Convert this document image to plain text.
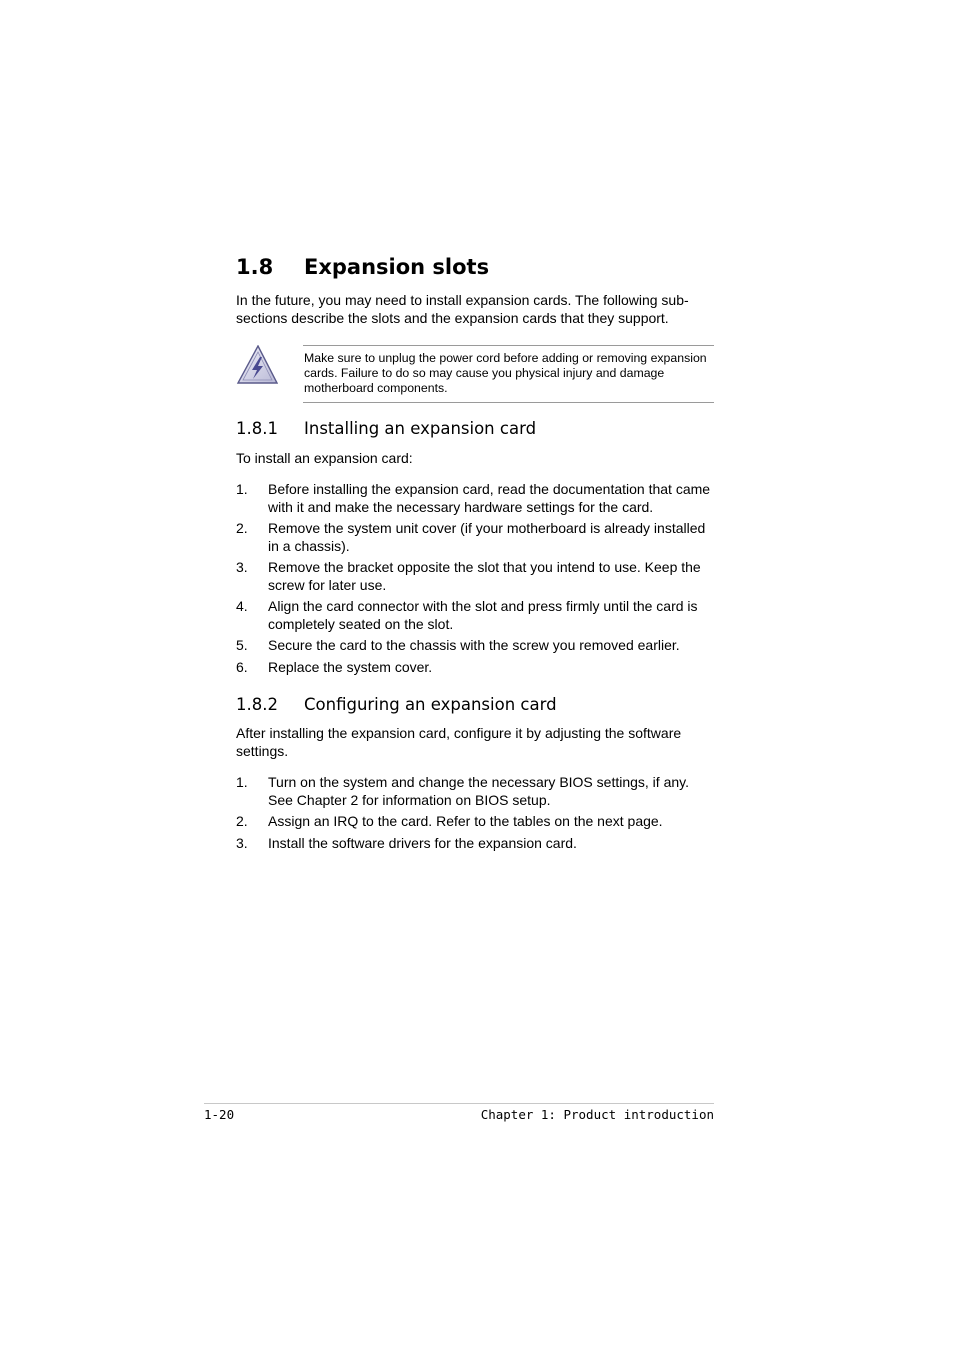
1.8 Expansion slots
In the future, you may need to install expansion cards. The following sub-sections describe the slots and the expansion cards that they support.
Make sure to unplug the power cord before adding or removing expansion cards. Failure to do so may cause you physical injury and damage motherboard components.
1.8.1 Installing an expansion card
To install an expansion card:
1.	Before installing the expansion card, read the documentation that came with it and make the necessary hardware settings for the card.
2.	Remove the system unit cover (if your motherboard is already installed in a chassis).
3.	Remove the bracket opposite the slot that you intend to use. Keep the screw for later use.
4.	Align the card connector with the slot and press firmly until the card is completely seated on the slot.
5.	Secure the card to the chassis with the screw you removed earlier.
6.	Replace the system cover.
1.8.2 Configuring an expansion card
After installing the expansion card, configure it by adjusting the software settings.
1.	Turn on the system and change the necessary BIOS settings, if any. See Chapter 2 for information on BIOS setup.
2.	Assign an IRQ to the card. Refer to the tables on the next page.
3.	Install the software drivers for the expansion card.
1-20	Chapter 1: Product introduction
